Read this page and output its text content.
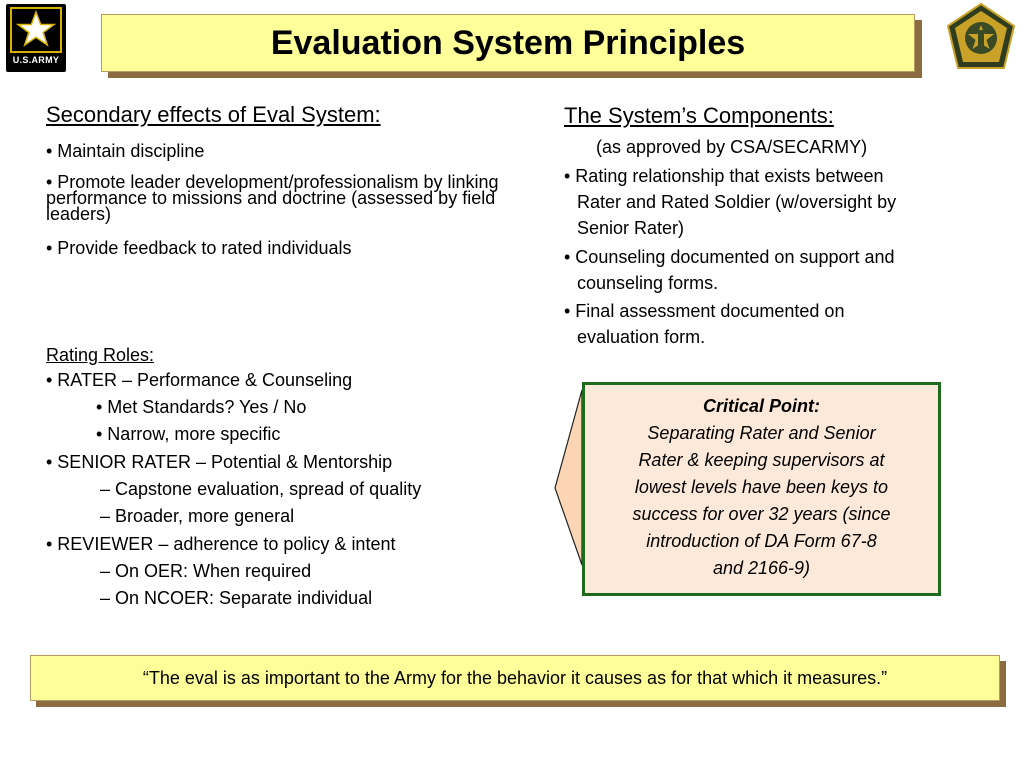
U.S.ARMY	Evaluation System Principles
Secondary effects of Eval System:
• Maintain discipline
• Promote leader development/professionalism by linking performance to missions and doctrine (assessed by field leaders)
• Provide feedback to rated individuals
Rating Roles:
• RATER – Performance & Counseling
• Met Standards? Yes / No
• Narrow, more specific
• SENIOR RATER – Potential & Mentorship
– Capstone evaluation, spread of quality
– Broader, more general
• REVIEWER – adherence to policy & intent
– On OER: When required
– On NCOER: Separate individual
The System’s Components:
(as approved by CSA/SECARMY)
• Rating relationship that exists between
Rater and Rated Soldier (w/oversight by
Senior Rater)
• Counseling documented on support and
counseling forms.
• Final assessment documented on
evaluation form.
Critical Point:
Separating Rater and Senior
Rater & keeping supervisors at
lowest levels have been keys to
success for over 32 years (since
introduction of DA Form 67-8
and 2166-9)
“The eval is as important to the Army for the behavior it causes as for that which it measures.”
